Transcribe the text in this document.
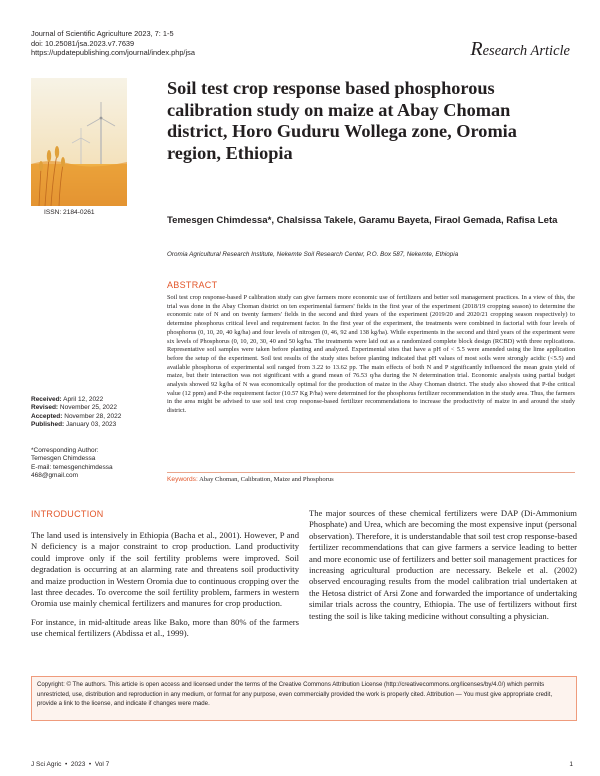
Journal of Scientific Agriculture 2023, 7: 1-5
doi: 10.25081/jsa.2023.v7.7639
https://updatepublishing.com/journal/index.php/jsa	Research Article
ISSN: 2184-0261
Soil test crop response based phosphorous calibration study on maize at Abay Choman district, Horo Guduru Wollega zone, Oromia region, Ethiopia
Temesgen Chimdessa*, Chalsissa Takele, Garamu Bayeta, Firaol Gemada, Rafisa Leta
Oromia Agricultural Research Institute, Nekemte Soil Research Center, P.O. Box 587, Nekemte, Ethiopia
ABSTRACT
Soil test crop response-based P calibration study can give farmers more economic use of fertilizers and better soil management practices. In a view of this, the trial was done in the Abay Choman district on ten experimental farmers' fields in the first year of the experiment (2018/19 cropping season) to determine the economic rate of N and on twenty farmers' fields in the second and third years of the experiment (2019/20 and 2020/21 cropping season respectively) to determine phosphorus critical level and requirement factor. In the first year of the experiment, the treatments were combined in factorial with four levels of phosphorus (0, 10, 20, 40 kg/ha) and four levels of nitrogen (0, 46, 92 and 138 kg/ha). While experiments in the second and third years of the experiment were six levels of Phosphorus (0, 10, 20, 30, 40 and 50 kg/ha. The treatments were laid out as a randomized complete block design (RCBD) with three replications. Representative soil samples were taken before planting and analyzed. Experimental sites that have a pH of < 5.5 were amended using the lime application before the setup of the experiment. Soil test results of the study sites before planting indicated that pH values of most soils were strongly acidic (<5.5) and available phosphorus of experimental soil ranged from 3.22 to 13.62 pp. The main effects of both N and P significantly influenced the mean grain yield of maize, but their interaction was not significant with a grand mean of 76.53 q/ha during the N determination trial. Economic analysis using partial budget analysis showed 92 kg/ha of N was economically optimal for the production of maize in the Abay Choman district. The study also showed that P-the critical value (12 ppm) and P-the requirement factor (10.57 Kg P/ha) were determined for the phosphorus fertilizer recommendation in the study area. Thus, the farmers in the area might be advised to use soil test crop response-based fertilizer recommendations to increase the productivity of maize in and around the study district.
Received: April 12, 2022
Revised: November 25, 2022
Accepted: November 28, 2022
Published: January 03, 2023
*Corresponding Author:
Temesgen Chimdessa
E-mail: temesgenchimdessa
468@gmail.com
Keywords: Abay Choman, Calibration, Maize and Phosphorus
INTRODUCTION

The land used is intensively in Ethiopia (Bacha et al., 2001). However, P and N deficiency is a major constraint to crop production. Land productivity could improve only if the soil fertility problems were improved. Soil degradation is occurring at an alarming rate and threatens soil productivity and maize production in Western Oromia due to continuous cropping over the last three decades. To overcome the soil fertility problem, farmers in western Oromia use mainly chemical fertilizers and manures for crop production.

For instance, in mid-altitude areas like Bako, more than 80% of the farmers use chemical fertilizers (Abdissa et al., 1999).

The major sources of these chemical fertilizers were DAP (Di-Ammonium Phosphate) and Urea, which are becoming the most expensive input (personal observation). Therefore, it is understandable that soil test crop response-based fertilizer recommendations that can give farmers a service leading to better and more economic use of fertilizers and better soil management practices for increasing agricultural production are necessary. Bekele et al. (2002) observed encouraging results from the model calibration trial undertaken at the Hetosa district of Arsi Zone and forwarded the importance of undertaking similar trials across the country, Ethiopia. The use of fertilizers without first testing the soil is like taking medicine without consulting a physician.

Copyright: © The authors. This article is open access and licensed under the terms of the Creative Commons Attribution License (http://creativecommons.org/licenses/by/4.0/) which permits unrestricted, use, distribution and reproduction in any medium, or format for any purpose, even commercially provided the work is properly cited. Attribution — You must give appropriate credit, provide a link to the license, and indicate if changes were made.
J Sci Agric  •  2023  •  Vol 7	1
